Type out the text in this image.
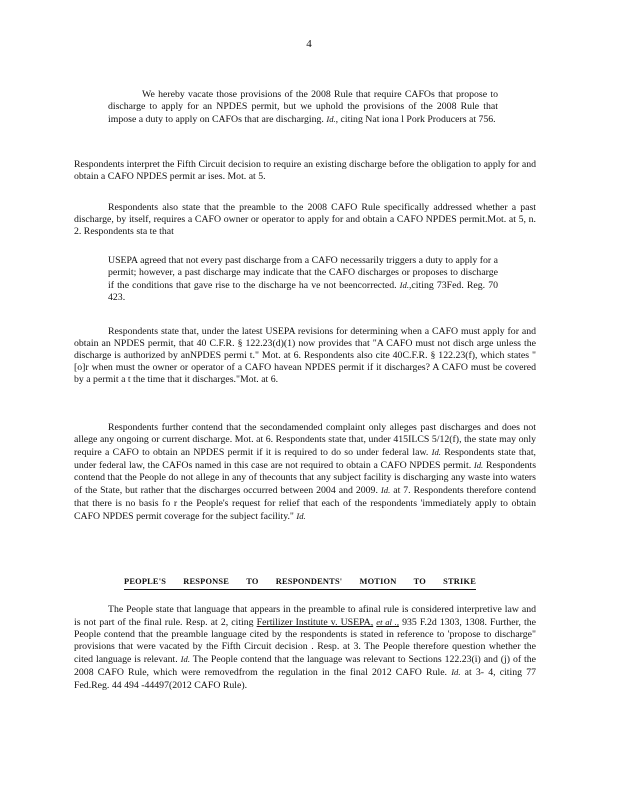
4

We hereby vacate those provisions of the 2008 Rule that require CAFOs that propose to discharge to apply for an NPDES permit, but we uphold the provisions of the 2008 Rule that impose a duty to apply on CAFOs that are discharging. Id., citing Nat iona l Pork Producers at 756.

Respondents interpret the Fifth Circuit decision to require an existing discharge before the obligation to apply for and obtain a CAFO NPDES permit ar ises. Mot. at 5.

Respondents also state that the preamble to the 2008 CAFO Rule specifically addressed whether a past discharge, by itself, requires a CAFO owner or operator to apply for and obtain a CAFO NPDES permit.Mot. at 5, n. 2. Respondents sta te that

USEPA agreed that not every past discharge from a CAFO necessarily triggers a duty to apply for a permit; however, a past discharge may indicate that the CAFO discharges or proposes to discharge if the conditions that gave rise to the discharge ha ve not beencorrected. Id.,citing 73Fed. Reg. 70 423.

Respondents state that, under the latest USEPA revisions for determining when a CAFO must apply for and obtain an NPDES permit, that 40 C.F.R. § 122.23(d)(1) now provides that "A CAFO must not disch arge unless the discharge is authorized by anNPDES permi t." Mot. at 6. Respondents also cite 40C.F.R. § 122.23(f), which states "[o]r when must the owner or operator of a CAFO havean NPDES permit if it discharges? A CAFO must be covered by a permit a t the time that it discharges."Mot. at 6.

Respondents further contend that the secondamended complaint only alleges past discharges and does not allege any ongoing or current discharge. Mot. at 6. Respondents state that, under 415ILCS 5/12(f), the state may only require a CAFO to obtain an NPDES permit if it is required to do so under federal law. Id. Respondents state that, under federal law, the CAFOs named in this case are not required to obtain a CAFO NPDES permit. Id. Respondents contend that the People do not allege in any of thecounts that any subject facility is discharging any waste into waters of the State, but rather that the discharges occurred between 2004 and 2009. Id. at 7. Respondents therefore contend that there is no basis fo r the People's request for relief that each of the respondents 'immediately apply to obtain CAFO NPDES permit coverage for the subject facility." Id.

PEOPLE'S RESPONSE TO RESPONDENTS' MOTION TO STRIKE

The People state that language that appears in the preamble to afinal rule is considered interpretive law and is not part of the final rule. Resp. at 2, citing Fertilizer Institute v. USEPA, et al ., 935 F.2d 1303, 1308. Further, the People contend that the preamble language cited by the respondents is stated in reference to 'propose to discharge" provisions that were vacated by the Fifth Circuit decision . Resp. at 3. The People therefore question whether the cited language is relevant. Id. The People contend that the language was relevant to Sections 122.23(i) and (j) of the 2008 CAFO Rule, which were removedfrom the regulation in the final 2012 CAFO Rule. Id. at 3- 4, citing 77 Fed.Reg. 44 494 -44497(2012 CAFO Rule).
